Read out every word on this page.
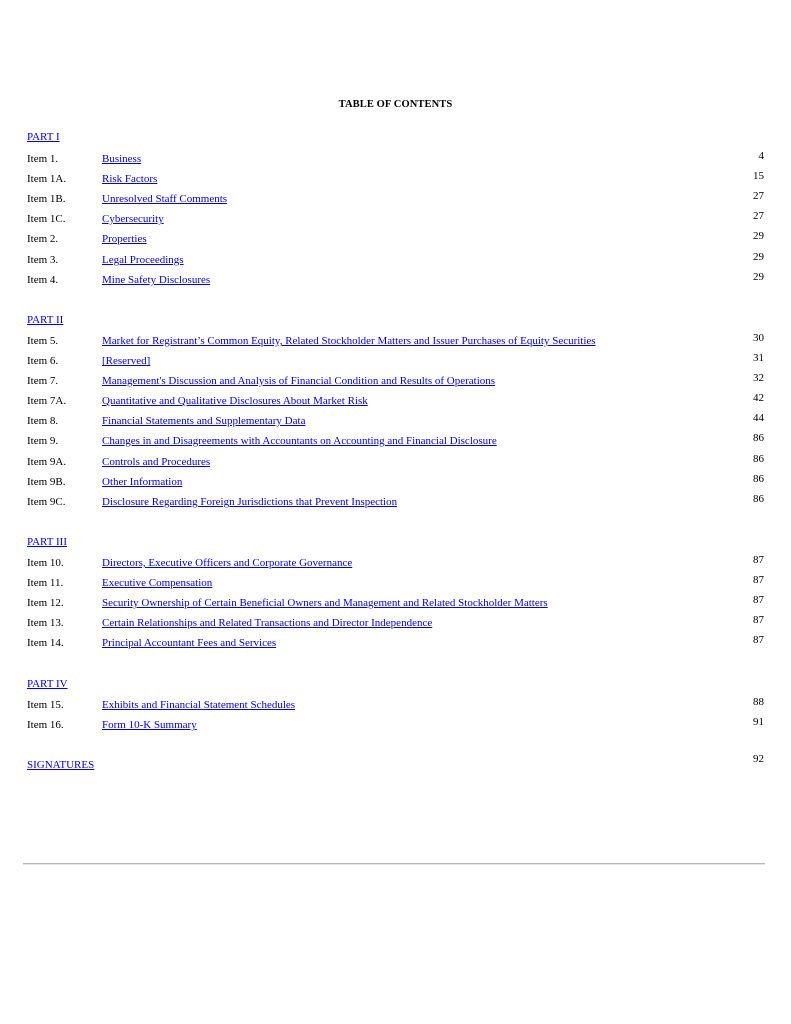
TABLE OF CONTENTS
PART I
Item 1.	Business	4
Item 1A.	Risk Factors	15
Item 1B.	Unresolved Staff Comments	27
Item 1C.	Cybersecurity	27
Item 2.	Properties	29
Item 3.	Legal Proceedings	29
Item 4.	Mine Safety Disclosures	29
PART II
Item 5.	Market for Registrant’s Common Equity, Related Stockholder Matters and Issuer Purchases of Equity Securities	30
Item 6.	[Reserved]	31
Item 7.	Management's Discussion and Analysis of Financial Condition and Results of Operations	32
Item 7A.	Quantitative and Qualitative Disclosures About Market Risk	42
Item 8.	Financial Statements and Supplementary Data	44
Item 9.	Changes in and Disagreements with Accountants on Accounting and Financial Disclosure	86
Item 9A.	Controls and Procedures	86
Item 9B.	Other Information	86
Item 9C.	Disclosure Regarding Foreign Jurisdictions that Prevent Inspection	86
PART III
Item 10.	Directors, Executive Officers and Corporate Governance	87
Item 11.	Executive Compensation	87
Item 12.	Security Ownership of Certain Beneficial Owners and Management and Related Stockholder Matters	87
Item 13.	Certain Relationships and Related Transactions and Director Independence	87
Item 14.	Principal Accountant Fees and Services	87
PART IV
Item 15.	Exhibits and Financial Statement Schedules	88
Item 16.	Form 10-K Summary	91
SIGNATURES	92
